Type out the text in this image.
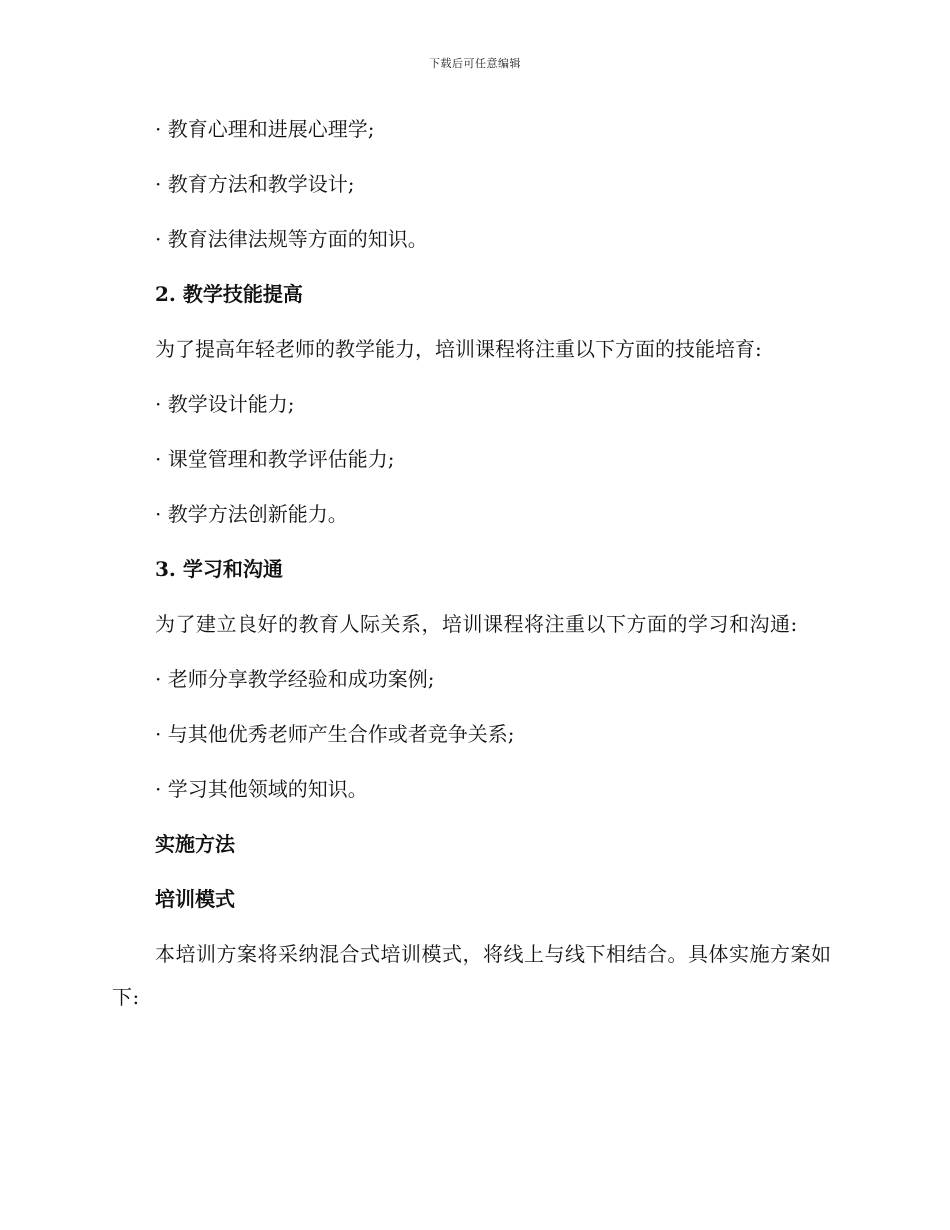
下载后可任意编辑

· 教育心理和进展心理学;

· 教育方法和教学设计;

· 教育法律法规等方面的知识。

2. 教学技能提高

为了提高年轻老师的教学能力，培训课程将注重以下方面的技能培育:

· 教学设计能力;

· 课堂管理和教学评估能力;

· 教学方法创新能力。

3. 学习和沟通

为了建立良好的教育人际关系，培训课程将注重以下方面的学习和沟通:

· 老师分享教学经验和成功案例;

· 与其他优秀老师产生合作或者竞争关系;

· 学习其他领域的知识。

实施方法

培训模式

本培训方案将采纳混合式培训模式，将线上与线下相结合。具体实施方案如下:
